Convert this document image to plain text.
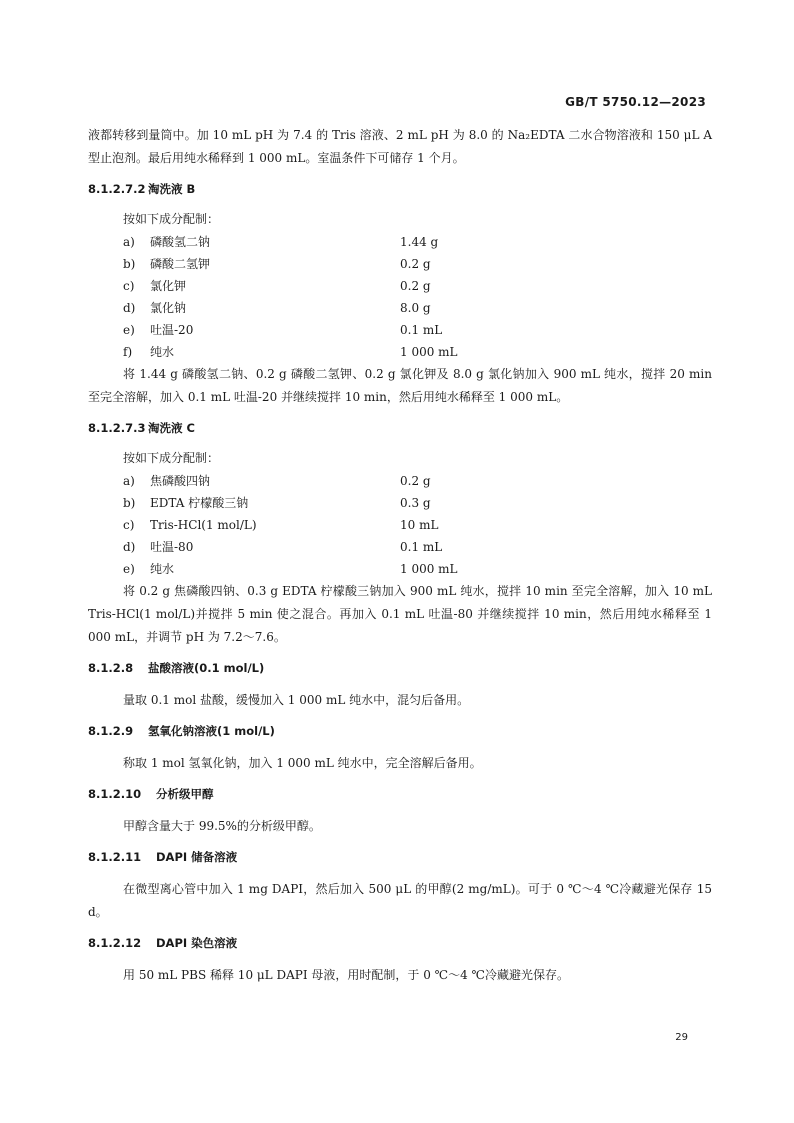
GB/T 5750.12—2023

液都转移到量筒中。加 10 mL pH 为 7.4 的 Tris 溶液、2 mL pH 为 8.0 的 Na₂EDTA 二水合物溶液和 150 μL A 型止泡剂。最后用纯水稀释到 1 000 mL。室温条件下可储存 1 个月。

8.1.2.7.2 淘洗液 B

按如下成分配制：

a) 磷酸氢二钠	1.44 g
b) 磷酸二氢钾	0.2 g
c) 氯化钾	0.2 g
d) 氯化钠	8.0 g
e) 吐温-20	0.1 mL
f) 纯水	1 000 mL

将 1.44 g 磷酸氢二钠、0.2 g 磷酸二氢钾、0.2 g 氯化钾及 8.0 g 氯化钠加入 900 mL 纯水，搅拌 20 min 至完全溶解，加入 0.1 mL 吐温-20 并继续搅拌 10 min，然后用纯水稀释至 1 000 mL。

8.1.2.7.3 淘洗液 C

按如下成分配制：

a) 焦磷酸四钠	0.2 g
b) EDTA 柠檬酸三钠	0.3 g
c) Tris-HCl(1 mol/L)	10 mL
d) 吐温-80	0.1 mL
e) 纯水	1 000 mL

将 0.2 g 焦磷酸四钠、0.3 g EDTA 柠檬酸三钠加入 900 mL 纯水，搅拌 10 min 至完全溶解，加入 10 mL Tris-HCl(1 mol/L)并搅拌 5 min 使之混合。再加入 0.1 mL 吐温-80 并继续搅拌 10 min，然后用纯水稀释至 1 000 mL，并调节 pH 为 7.2～7.6。

8.1.2.8 盐酸溶液(0.1 mol/L)

量取 0.1 mol 盐酸，缓慢加入 1 000 mL 纯水中，混匀后备用。

8.1.2.9 氢氧化钠溶液(1 mol/L)

称取 1 mol 氢氧化钠，加入 1 000 mL 纯水中，完全溶解后备用。

8.1.2.10 分析级甲醇

甲醇含量大于 99.5%的分析级甲醇。

8.1.2.11 DAPI 储备溶液

在微型离心管中加入 1 mg DAPI，然后加入 500 μL 的甲醇(2 mg/mL)。可于 0 ℃～4 ℃冷藏避光保存 15 d。

8.1.2.12 DAPI 染色溶液

用 50 mL PBS 稀释 10 μL DAPI 母液，用时配制，于 0 ℃～4 ℃冷藏避光保存。

29
